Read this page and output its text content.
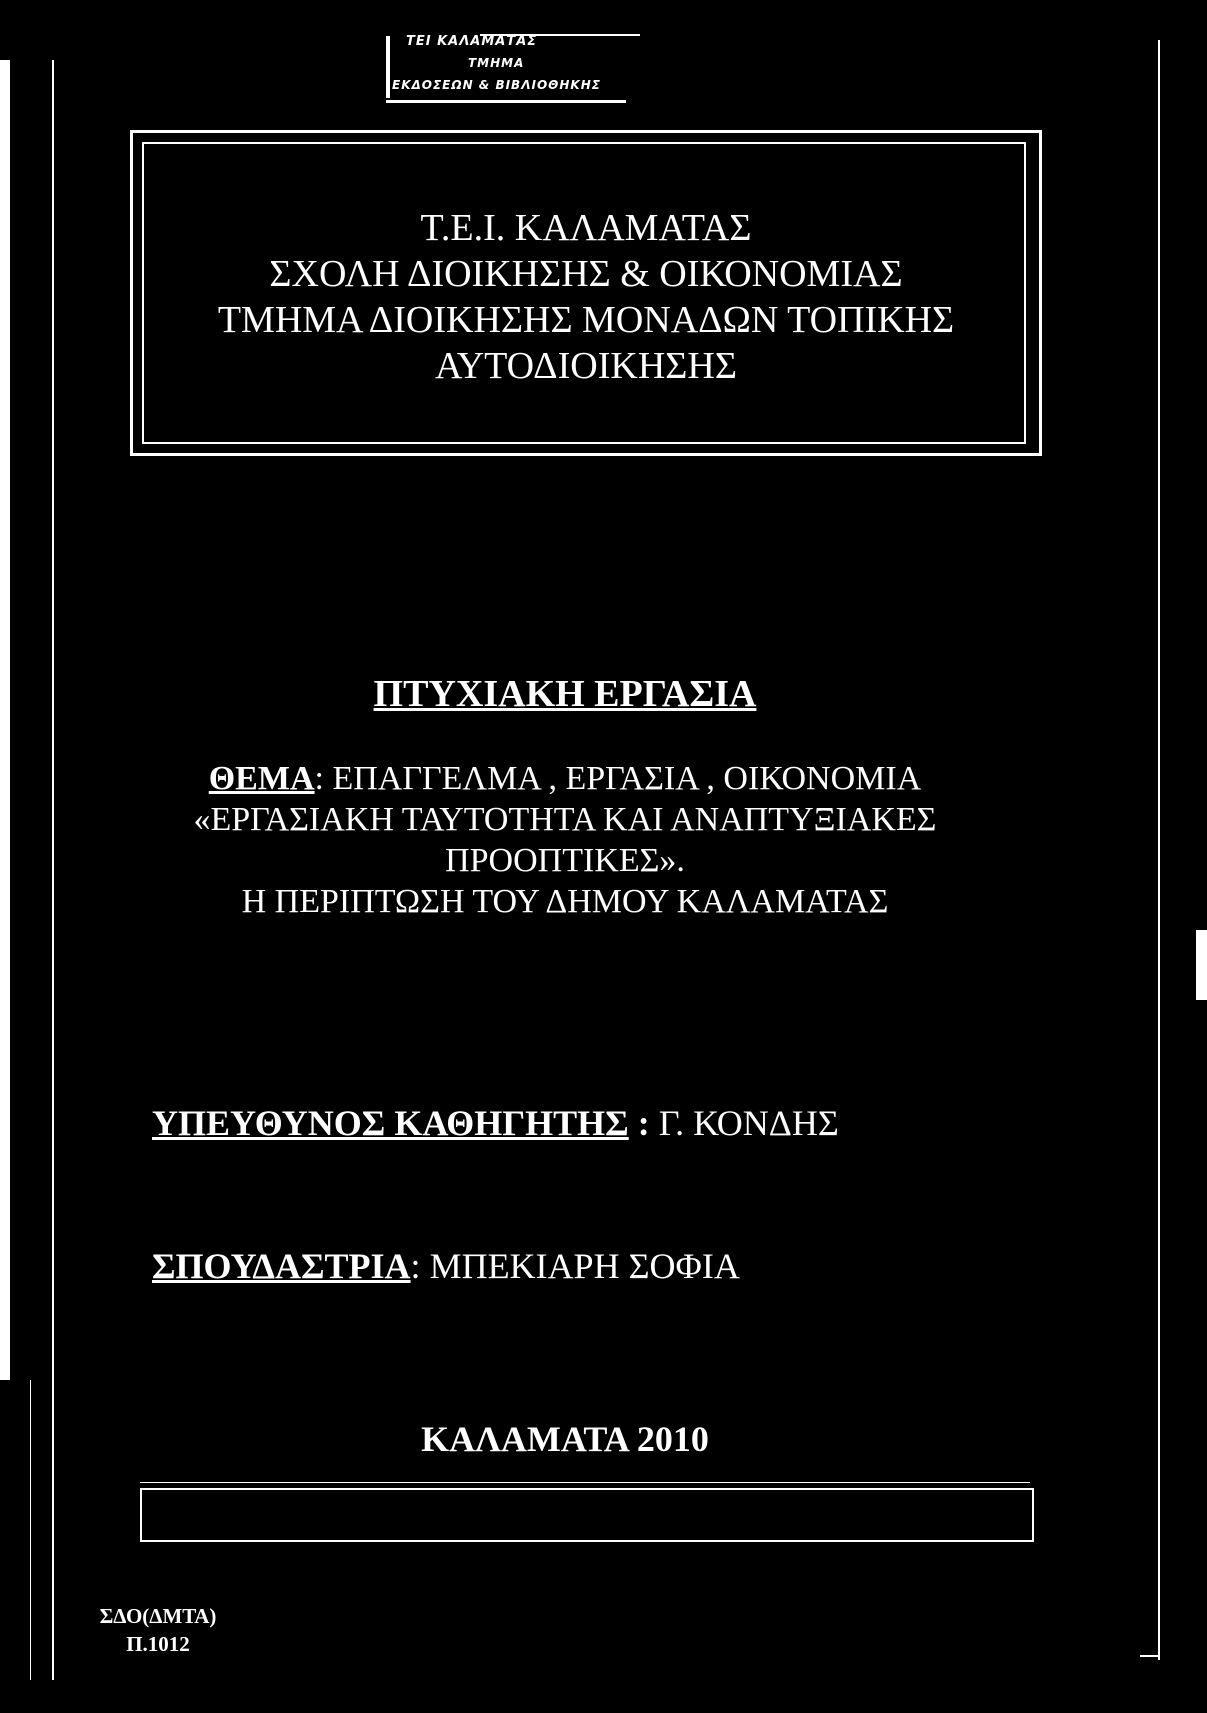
ΤΕΙ ΚΑΛΑΜΑΤΑΣ
ΤΜΗΜΑ
ΕΚΔΟΣΕΩΝ & ΒΙΒΛΙΟΘΗΚΗΣ
Τ.Ε.Ι. ΚΑΛΑΜΑΤΑΣ
ΣΧΟΛΗ ΔΙΟΙΚΗΣΗΣ & ΟΙΚΟΝΟΜΙΑΣ
ΤΜΗΜΑ ΔΙΟΙΚΗΣΗΣ ΜΟΝΑΔΩΝ ΤΟΠΙΚΗΣ
ΑΥΤΟΔΙΟΙΚΗΣΗΣ
ΠΤΥΧΙΑΚΗ ΕΡΓΑΣΙΑ
ΘΕΜΑ: ΕΠΑΓΓΕΛΜΑ , ΕΡΓΑΣΙΑ , ΟΙΚΟΝΟΜΙΑ
«ΕΡΓΑΣΙΑΚΗ ΤΑΥΤΟΤΗΤΑ ΚΑΙ ΑΝΑΠΤΥΞΙΑΚΕΣ
ΠΡΟΟΠΤΙΚΕΣ».
Η ΠΕΡΙΠΤΩΣΗ ΤΟΥ ΔΗΜΟΥ ΚΑΛΑΜΑΤΑΣ
ΥΠΕΥΘΥΝΟΣ ΚΑΘΗΓΗΤΗΣ : Γ. ΚΟΝΔΗΣ
ΣΠΟΥΔΑΣΤΡΙΑ: ΜΠΕΚΙΑΡΗ ΣΟΦΙΑ
ΚΑΛΑΜΑΤΑ 2010
ΣΔΟ(ΔΜΤΑ)
Π.1012
